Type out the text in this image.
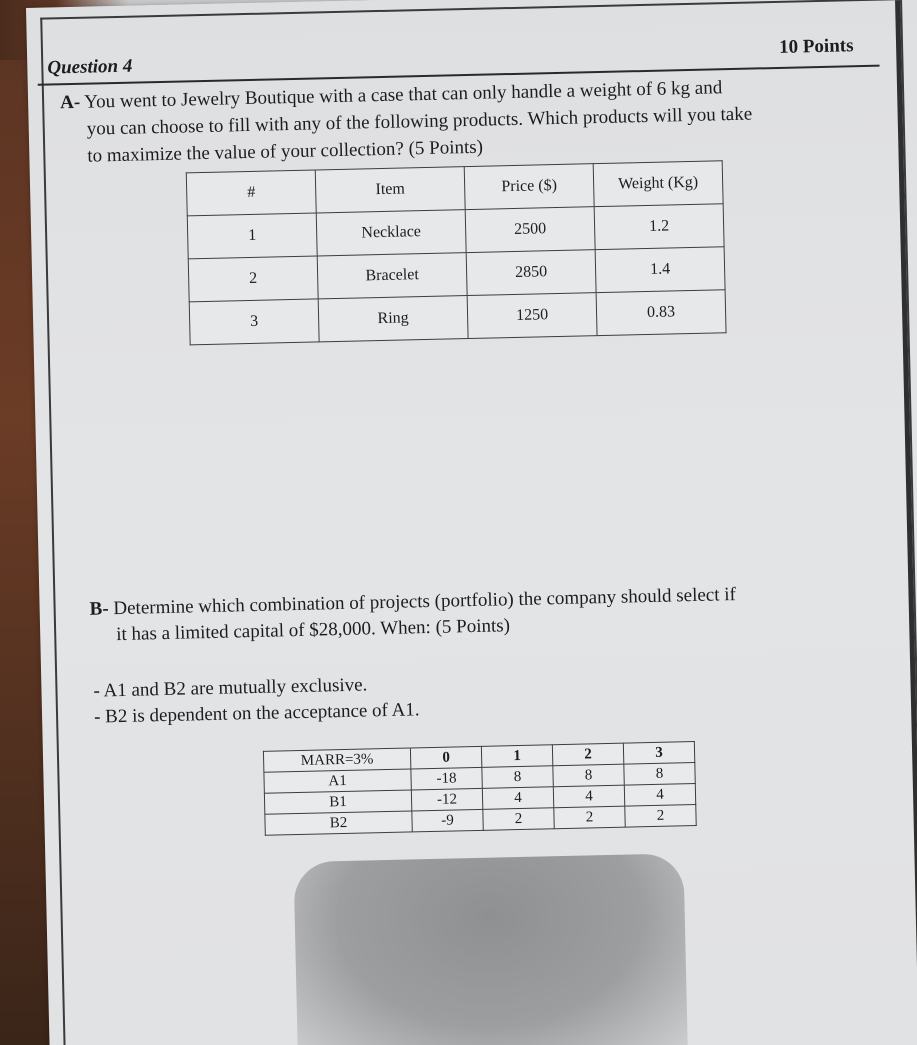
Question 4
10 Points
A- You went to Jewelry Boutique with a case that can only handle a weight of 6 kg and
you can choose to fill with any of the following products. Which products will you take
to maximize the value of your collection? (5 Points)
#	Item	Price ($)	Weight (Kg)
1	Necklace	2500	1.2
2	Bracelet	2850	1.4
3	Ring	1250	0.83
B- Determine which combination of projects (portfolio) the company should select if
it has a limited capital of $28,000. When: (5 Points)
- A1 and B2 are mutually exclusive.
- B2 is dependent on the acceptance of A1.
MARR=3%	0	1	2	3
A1	-18	8	8	8
B1	-12	4	4	4
B2	-9	2	2	2
